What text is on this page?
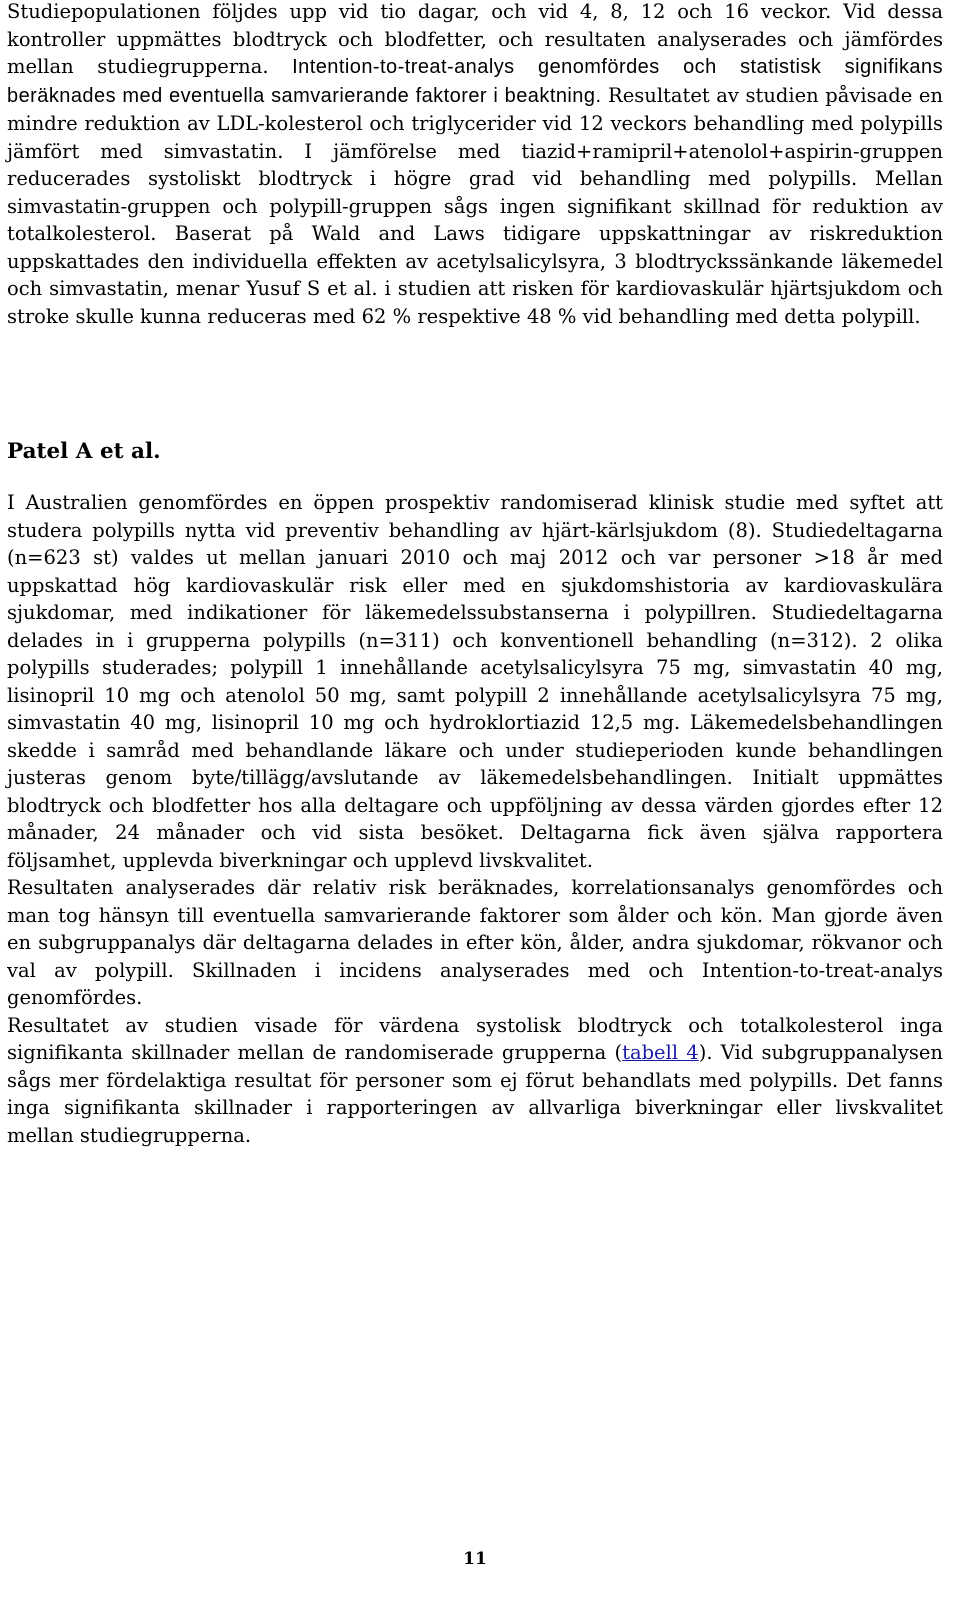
Studiepopulationen följdes upp vid tio dagar, och vid 4, 8, 12 och 16 veckor. Vid dessa kontroller uppmättes blodtryck och blodfetter, och resultaten analyserades och jämfördes mellan studiegrupperna. Intention-to-treat-analys genomfördes och statistisk signifikans beräknades med eventuella samvarierande faktorer i beaktning. Resultatet av studien påvisade en mindre reduktion av LDL-kolesterol och triglycerider vid 12 veckors behandling med polypills jämfört med simvastatin. I jämförelse med tiazid+ramipril+atenolol+aspirin-gruppen reducerades systoliskt blodtryck i högre grad vid behandling med polypills. Mellan simvastatin-gruppen och polypill-gruppen sågs ingen signifikant skillnad för reduktion av totalkolesterol. Baserat på Wald and Laws tidigare uppskattningar av riskreduktion uppskattades den individuella effekten av acetylsalicylsyra, 3 blodtryckssänkande läkemedel och simvastatin, menar Yusuf S et al. i studien att risken för kardiovaskulär hjärtsjukdom och stroke skulle kunna reduceras med 62 % respektive 48 % vid behandling med detta polypill.

Patel A et al.

I Australien genomfördes en öppen prospektiv randomiserad klinisk studie med syftet att studera polypills nytta vid preventiv behandling av hjärt-kärlsjukdom (8). Studiedeltagarna (n=623 st) valdes ut mellan januari 2010 och maj 2012 och var personer >18 år med uppskattad hög kardiovaskulär risk eller med en sjukdomshistoria av kardiovaskulära sjukdomar, med indikationer för läkemedelssubstanserna i polypillren. Studiedeltagarna delades in i grupperna polypills (n=311) och konventionell behandling (n=312). 2 olika polypills studerades; polypill 1 innehållande acetylsalicylsyra 75 mg, simvastatin 40 mg, lisinopril 10 mg och atenolol 50 mg, samt polypill 2 innehållande acetylsalicylsyra 75 mg, simvastatin 40 mg, lisinopril 10 mg och hydroklortiazid 12,5 mg. Läkemedelsbehandlingen skedde i samråd med behandlande läkare och under studieperioden kunde behandlingen justeras genom byte/tillägg/avslutande av läkemedelsbehandlingen. Initialt uppmättes blodtryck och blodfetter hos alla deltagare och uppföljning av dessa värden gjordes efter 12 månader, 24 månader och vid sista besöket. Deltagarna fick även själva rapportera följsamhet, upplevda biverkningar och upplevd livskvalitet.

Resultaten analyserades där relativ risk beräknades, korrelationsanalys genomfördes och man tog hänsyn till eventuella samvarierande faktorer som ålder och kön. Man gjorde även en subgruppanalys där deltagarna delades in efter kön, ålder, andra sjukdomar, rökvanor och val av polypill. Skillnaden i incidens analyserades med och Intention-to-treat-analys genomfördes.

Resultatet av studien visade för värdena systolisk blodtryck och totalkolesterol inga signifikanta skillnader mellan de randomiserade grupperna (tabell 4). Vid subgruppanalysen sågs mer fördelaktiga resultat för personer som ej förut behandlats med polypills. Det fanns inga signifikanta skillnader i rapporteringen av allvarliga biverkningar eller livskvalitet mellan studiegrupperna.

11
